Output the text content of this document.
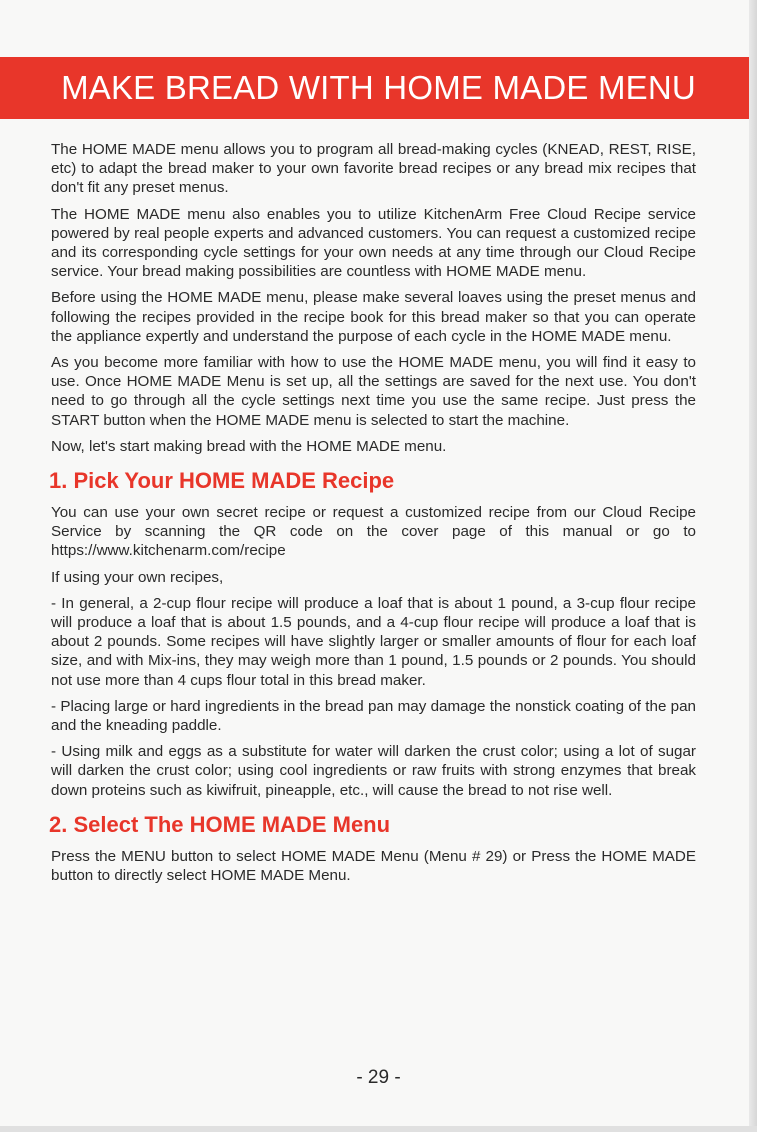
MAKE BREAD WITH HOME MADE MENU

The HOME MADE menu allows you to program all bread-making cycles (KNEAD, REST, RISE, etc) to adapt the bread maker to your own favorite bread recipes or any bread mix recipes that don't fit any preset menus.

The HOME MADE menu also enables you to utilize KitchenArm Free Cloud Recipe service powered by real people experts and advanced customers. You can request a customized recipe and its corresponding cycle settings for your own needs at any time through our Cloud Recipe service. Your bread making possibilities are countless with HOME MADE menu.

Before using the HOME MADE menu, please make several loaves using the preset menus and following the recipes provided in the recipe book for this bread maker so that you can operate the appliance expertly and understand the purpose of each cycle in the HOME MADE menu.

As you become more familiar with how to use the HOME MADE menu, you will find it easy to use. Once HOME MADE Menu is set up, all the settings are saved for the next use. You don't need to go through all the cycle settings next time you use the same recipe. Just press the START button when the HOME MADE menu is selected to start the machine.

Now, let's start making bread with the HOME MADE menu.

1. Pick Your HOME MADE Recipe

You can use your own secret recipe or request a customized recipe from our Cloud Recipe Service by scanning the QR code on the cover page of this manual or go to https://www.kitchenarm.com/recipe

If using your own recipes,

- In general, a 2-cup flour recipe will produce a loaf that is about 1 pound, a 3-cup flour recipe will produce a loaf that is about 1.5 pounds, and a 4-cup flour recipe will produce a loaf that is about 2 pounds. Some recipes will have slightly larger or smaller amounts of flour for each loaf size, and with Mix-ins, they may weigh more than 1 pound, 1.5 pounds or 2 pounds. You should not use more than 4 cups flour total in this bread maker.

- Placing large or hard ingredients in the bread pan may damage the nonstick coating of the pan and the kneading paddle.

- Using milk and eggs as a substitute for water will darken the crust color; using a lot of sugar will darken the crust color; using cool ingredients or raw fruits with strong enzymes that break down proteins such as kiwifruit, pineapple, etc., will cause the bread to not rise well.

2. Select The HOME MADE Menu

Press the MENU button to select HOME MADE Menu (Menu # 29) or Press the HOME MADE button to directly select HOME MADE Menu.

- 29 -
